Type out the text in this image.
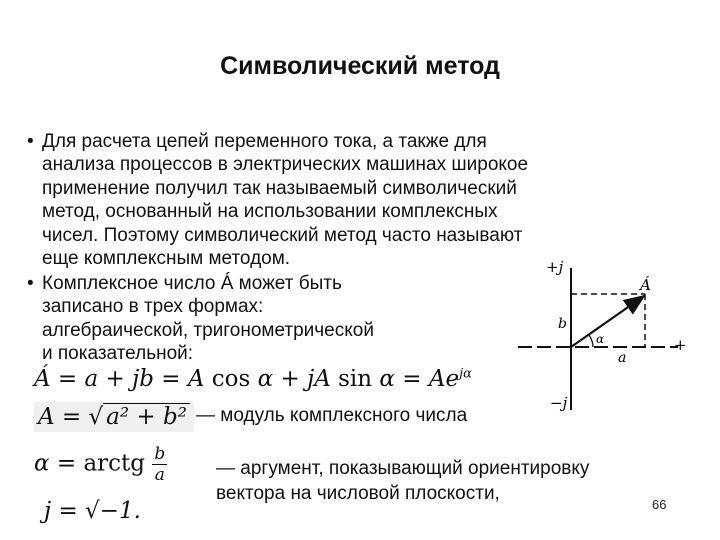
Символический метод
• Для расчета цепей переменного тока, а также для
анализа процессов в электрических машинах широкое
применение получил так называемый символический
метод, основанный на использовании комплексных
чисел. Поэтому символический метод часто называют
еще комплексным методом.
• Комплексное число Á может быть
записано в трех формах:
алгебраической, тригонометрической
и показательной:
+j
−j
+
Á
b
a
α
Á = a + jb = A cos α + jA $\sin \alpha = Ae^{j\alpha}$
A = √ a² + b² — модуль комплексного числа
α = arctg $\frac{b}{a}$	— аргумент, показывающий ориентировку
вектора на числовой плоскости,
j = √−1.	66
